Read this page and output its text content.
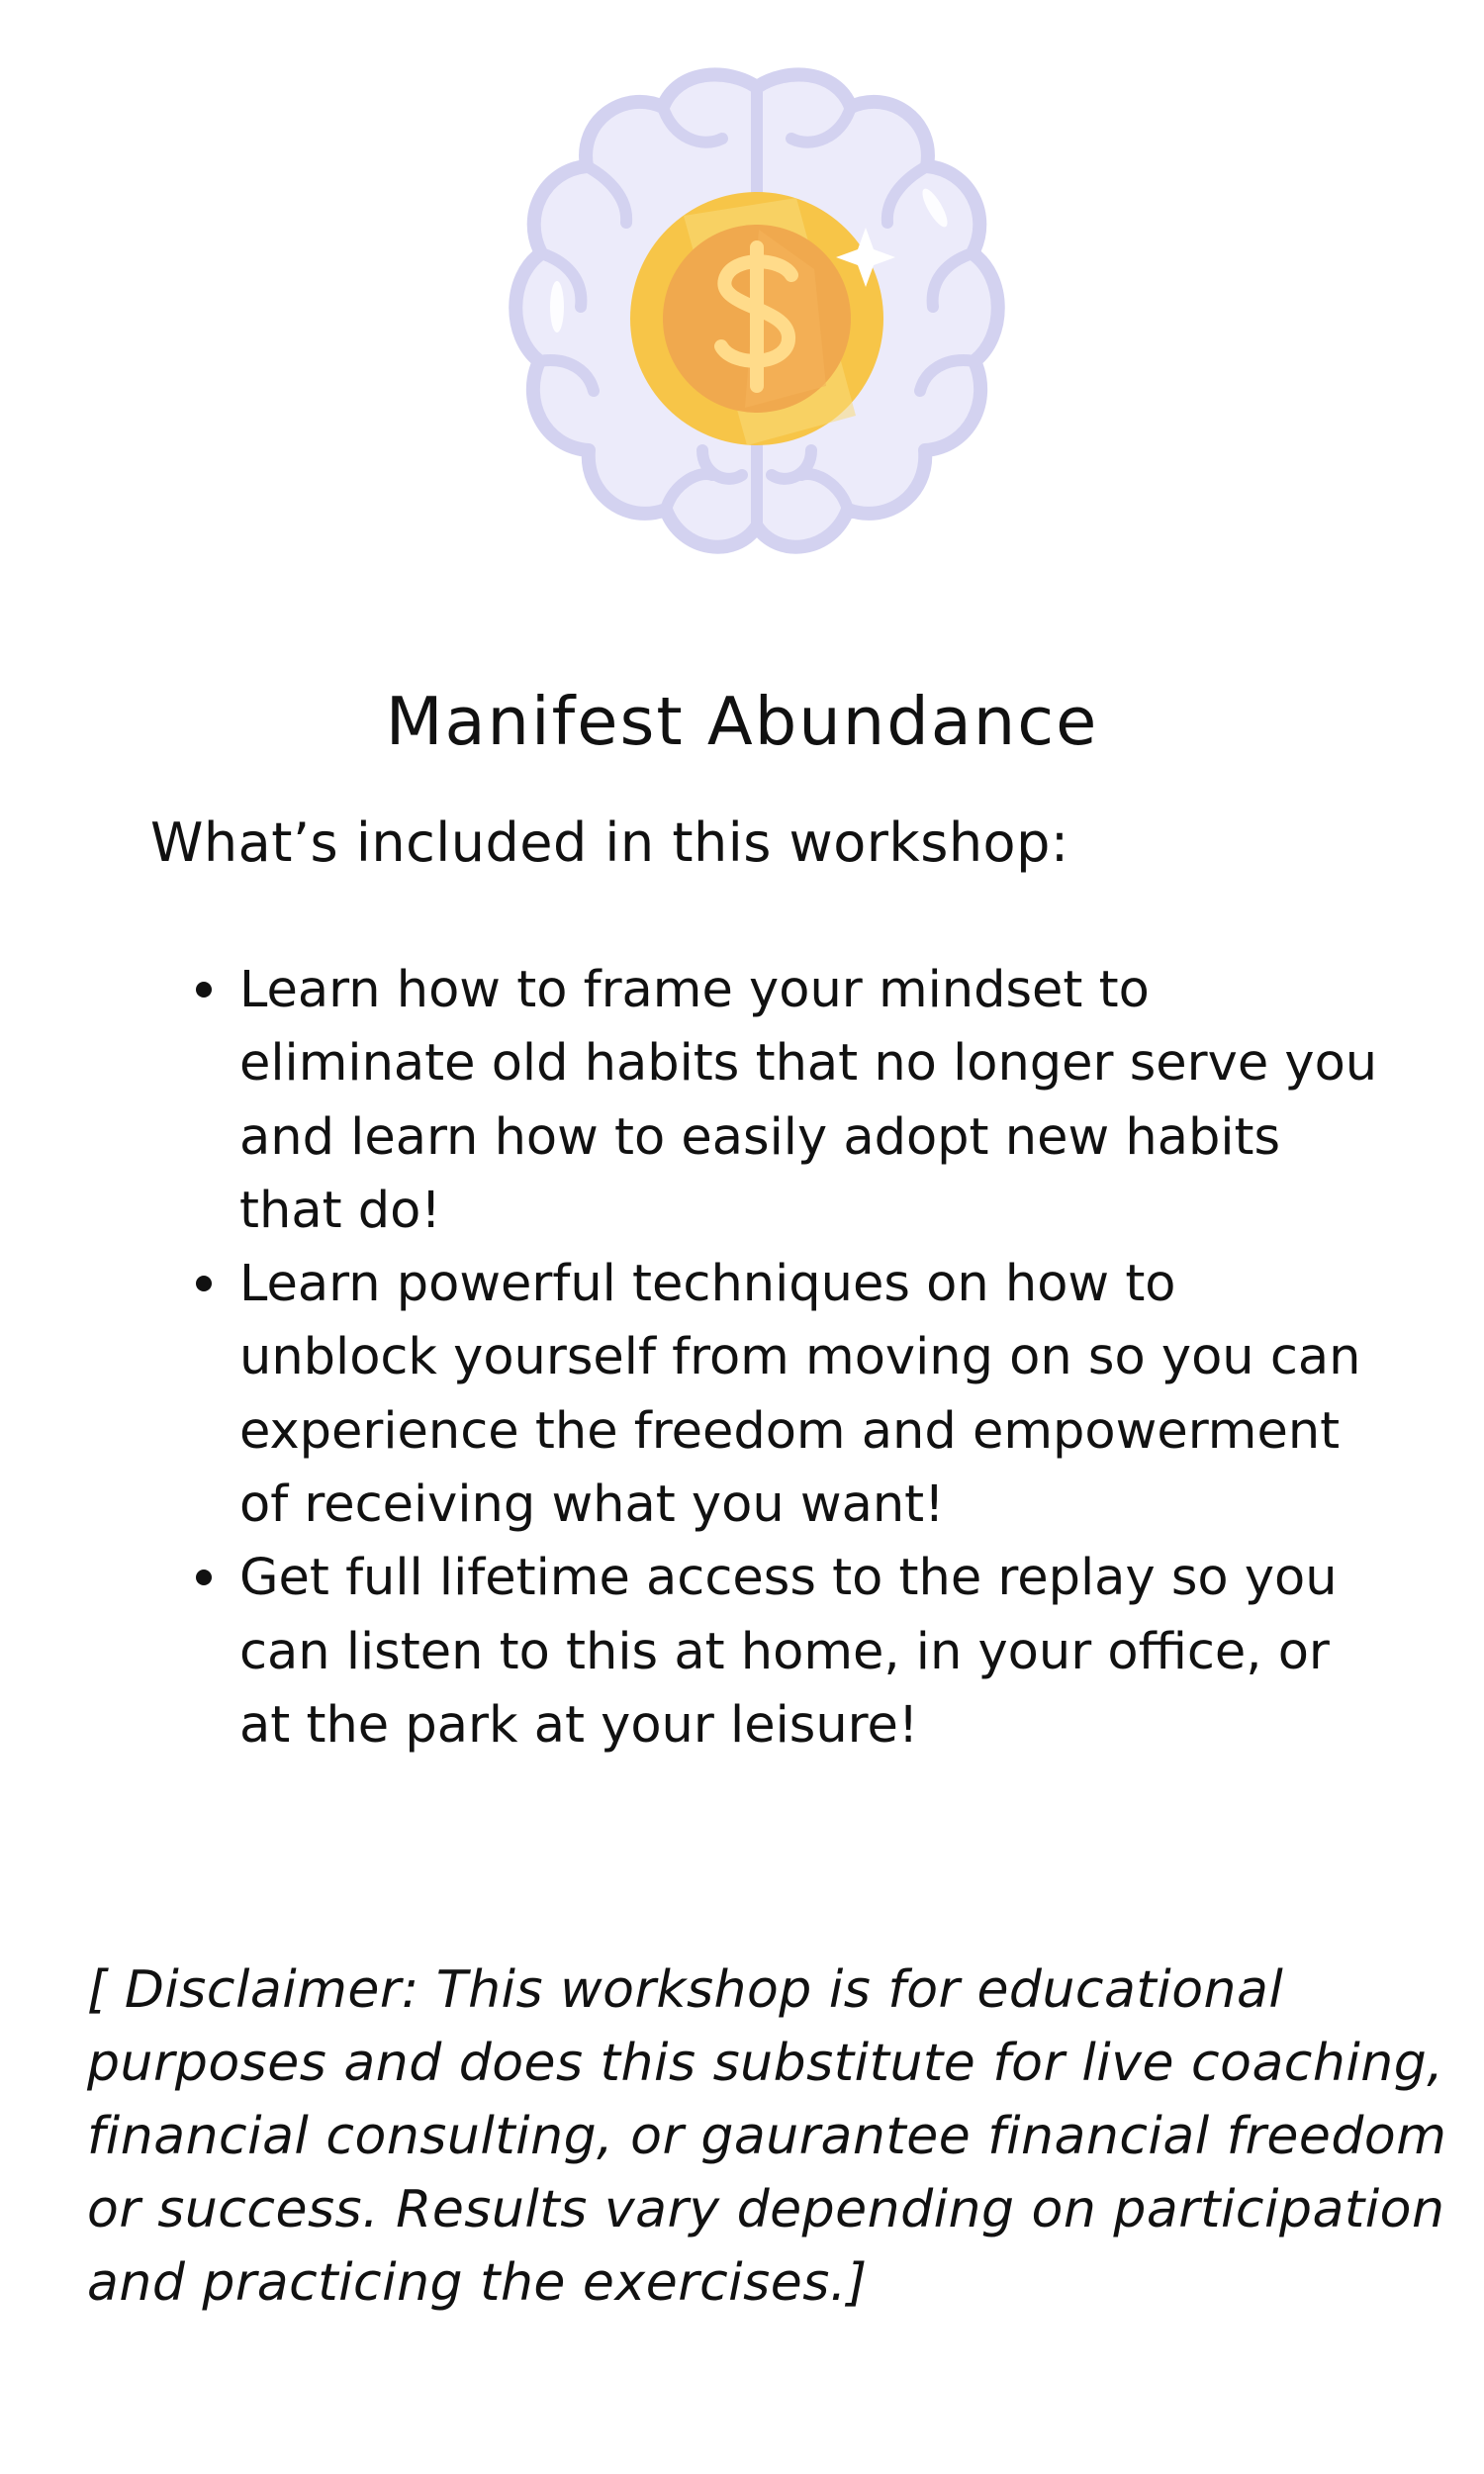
Manifest Abundance

What’s included in this workshop:

Learn how to frame your mindset to eliminate old habits that no longer serve you and learn how to easily adopt new habits that do!
Learn powerful techniques on how to unblock yourself from moving on so you can experience the freedom and empowerment of receiving what you want!
Get full lifetime access to the replay so you can listen to this at home, in your office, or at the park at your leisure!

[ Disclaimer: This workshop is for educational purposes and does this substitute for live coaching, financial consulting, or gaurantee financial freedom or success. Results vary depending on participation and practicing the exercises.]
